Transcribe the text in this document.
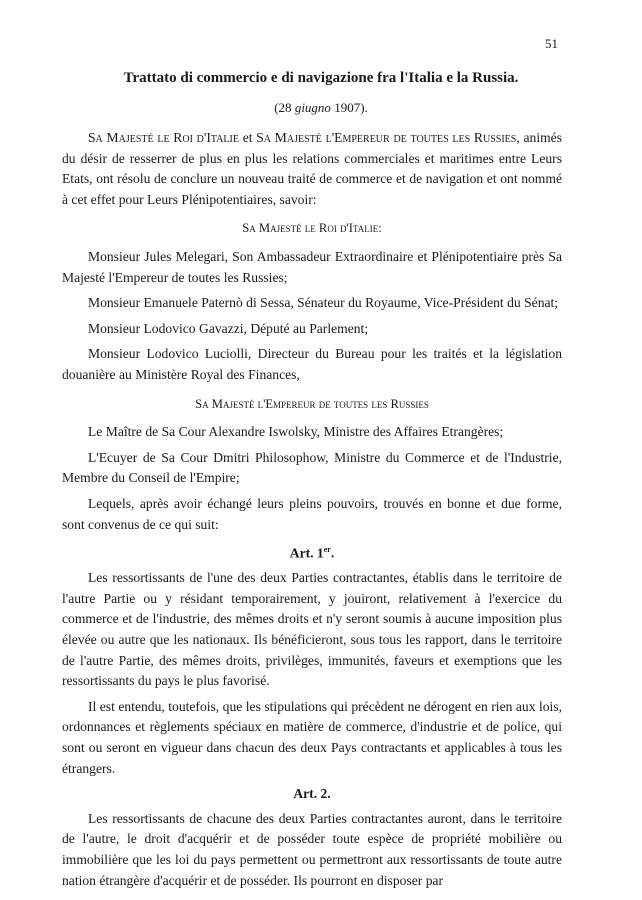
51
Trattato di commercio e di navigazione fra l'Italia e la Russia.
(28 giugno 1907).

Sa Majesté le Roi d'Italie et Sa Majesté l'Empereur de toutes les Russies, animés du désir de resserrer de plus en plus les relations commerciales et maritimes entre Leurs Etats, ont résolu de conclure un nouveau traité de commerce et de navigation et ont nommé à cet effet pour Leurs Plénipotentiaires, savoir:

Sa Majesté le Roi d'Italie:

Monsieur Jules Melegari, Son Ambassadeur Extraordinaire et Plénipotentiaire près Sa Majesté l'Empereur de toutes les Russies;

Monsieur Emanuele Paternò di Sessa, Sénateur du Royaume, Vice-Président du Sénat;

Monsieur Lodovico Gavazzi, Député au Parlement;

Monsieur Lodovico Luciolli, Directeur du Bureau pour les traités et la législation douanière au Ministère Royal des Finances,

Sa Majesté l'Empereur de toutes les Russies

Le Maître de Sa Cour Alexandre Iswolsky, Ministre des Affaires Etrangères;

L'Ecuyer de Sa Cour Dmitri Philosophow, Ministre du Commerce et de l'Industrie, Membre du Conseil de l'Empire;

Lequels, après avoir échangé leurs pleins pouvoirs, trouvés en bonne et due forme, sont convenus de ce qui suit:

Art. 1er.

Les ressortissants de l'une des deux Parties contractantes, établis dans le territoire de l'autre Partie ou y résidant temporairement, y jouiront, relativement à l'exercice du commerce et de l'industrie, des mêmes droits et n'y seront soumis à aucune imposition plus élevée ou autre que les nationaux. Ils bénéficieront, sous tous les rapport, dans le territoire de l'autre Partie, des mêmes droits, privilèges, immunités, faveurs et exemptions que les ressortissants du pays le plus favorisé.

Il est entendu, toutefois, que les stipulations qui précèdent ne dérogent en rien aux lois, ordonnances et règlements spéciaux en matière de commerce, d'industrie et de police, qui sont ou seront en vigueur dans chacun des deux Pays contractants et applicables à tous les étrangers.

Art. 2.

Les ressortissants de chacune des deux Parties contractantes auront, dans le territoire de l'autre, le droit d'acquérir et de posséder toute espèce de propriété mobilière ou immobilière que les loi du pays permettent ou permettront aux ressortissants de toute autre nation étrangère d'acquérir et de posséder. Ils pourront en disposer par
